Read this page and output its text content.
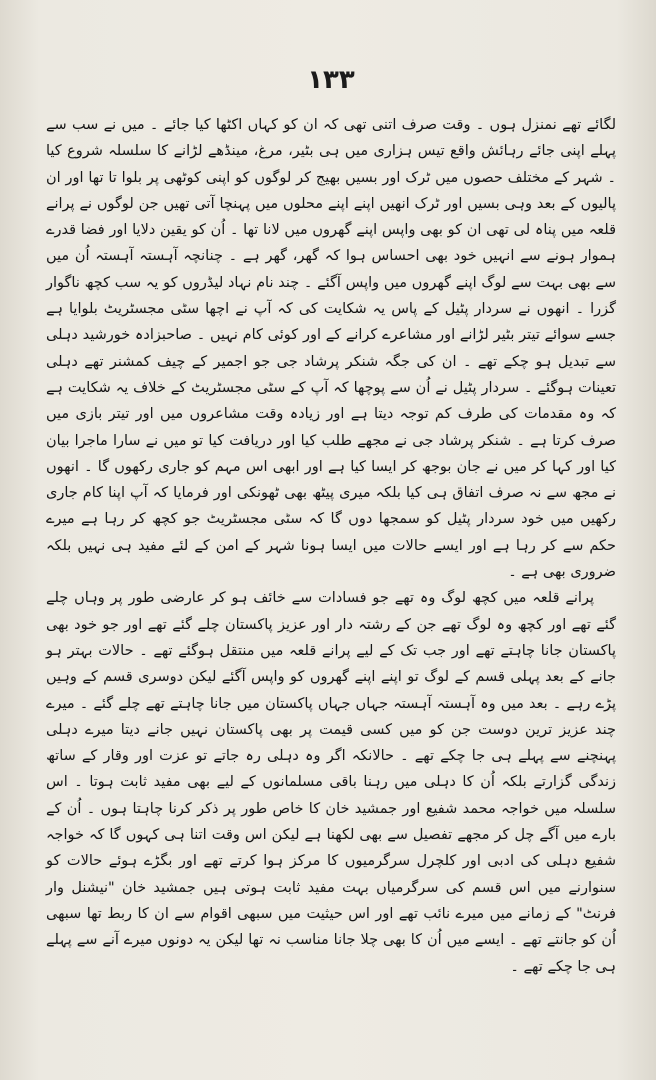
۱۳۳

لگائے تھے نمنزل ہوں ۔ وقت صرف اتنی تھی کہ ان کو کہاں اکٹھا کیا جائے ۔ میں نے سب سے پہلے اپنی جائے رہائش واقع تیس ہزاری میں ہی بٹیر، مرغ، مینڈھے لڑانے کا سلسلہ شروع کیا ۔ شہر کے مختلف حصوں میں ٹرک اور بسیں بھیج کر لوگوں کو اپنی کوٹھی پر بلوا تا تھا اور ان پالیوں کے بعد وہی بسیں اور ٹرک انھیں اپنے اپنے محلوں میں پہنچا آتی تھیں جن لوگوں نے پرانے قلعہ میں پناہ لی تھی ان کو بھی واپس اپنے گھروں میں لانا تھا ۔ اُن کو یقین دلایا اور فضا قدرے ہموار ہونے سے انہیں خود بھی احساس ہوا کہ گھر، گھر ہے ۔ چنانچہ آہستہ آہستہ اُن میں سے بھی بہت سے لوگ اپنے گھروں میں واپس آگئے ۔ چند نام نہاد لیڈروں کو یہ سب کچھ ناگوار گزرا ۔ انھوں نے سردار پٹیل کے پاس یہ شکایت کی کہ آپ نے اچھا سٹی مجسٹریٹ بلوایا ہے جسے سوائے تیتر بٹیر لڑانے اور مشاعرے کرانے کے اور کوئی کام نہیں ۔ صاحبزادہ خورشید دہلی سے تبدیل ہو چکے تھے ۔ ان کی جگہ شنکر پرشاد جی جو اجمیر کے چیف کمشنر تھے دہلی تعینات ہوگئے ۔ سردار پٹیل نے اُن سے پوچھا کہ آپ کے سٹی مجسٹریٹ کے خلاف یہ شکایت ہے کہ وہ مقدمات کی طرف کم توجہ دیتا ہے اور زیادہ وقت مشاعروں میں اور تیتر بازی میں صرف کرتا ہے ۔ شنکر پرشاد جی نے مجھے طلب کیا اور دریافت کیا تو میں نے سارا ماجرا بیان کیا اور کہا کر میں نے جان بوجھ کر ایسا کیا ہے اور ابھی اس مہم کو جاری رکھوں گا ۔ انھوں نے مجھ سے نہ صرف اتفاق ہی کیا بلکہ میری پیٹھ بھی ٹھونکی اور فرمایا کہ آپ اپنا کام جاری رکھیں میں خود سردار پٹیل کو سمجھا دوں گا کہ سٹی مجسٹریٹ جو کچھ کر رہا ہے میرے حکم سے کر رہا ہے اور ایسے حالات میں ایسا ہونا شہر کے امن کے لئے مفید ہی نہیں بلکہ ضروری بھی ہے ۔

پرانے قلعہ میں کچھ لوگ وہ تھے جو فسادات سے خائف ہو کر عارضی طور پر وہاں چلے گئے تھے اور کچھ وہ لوگ تھے جن کے رشتہ دار اور عزیز پاکستان چلے گئے تھے اور جو خود بھی پاکستان جانا چاہتے تھے اور جب تک کے لیے پرانے قلعہ میں منتقل ہوگئے تھے ۔ حالات بہتر ہو جانے کے بعد پہلی قسم کے لوگ تو اپنے اپنے گھروں کو واپس آگئے لیکن دوسری قسم کے وہیں پڑے رہے ۔ بعد میں وہ آہستہ آہستہ جہاں جہاں پاکستان میں جانا چاہتے تھے چلے گئے ۔ میرے چند عزیز ترین دوست جن کو میں کسی قیمت پر بھی پاکستان نہیں جانے دیتا میرے دہلی پہنچنے سے پہلے ہی جا چکے تھے ۔ حالانکہ اگر وہ دہلی رہ جاتے تو عزت اور وقار کے ساتھ زندگی گزارتے بلکہ اُن کا دہلی میں رہنا باقی مسلمانوں کے لیے بھی مفید ثابت ہوتا ۔ اس سلسلہ میں خواجہ محمد شفیع اور جمشید خان کا خاص طور پر ذکر کرنا چاہتا ہوں ۔ اُن کے بارے میں آگے چل کر مجھے تفصیل سے بھی لکھنا ہے لیکن اس وقت اتنا ہی کہوں گا کہ خواجہ شفیع دہلی کی ادبی اور کلچرل سرگرمیوں کا مرکز ہوا کرتے تھے اور بگڑے ہوئے حالات کو سنوارنے میں اس قسم کی سرگرمیاں بہت مفید ثابت ہوتی ہیں جمشید خان "نیشنل وار فرنٹ" کے زمانے میں میرے نائب تھے اور اس حیثیت میں سبھی اقوام سے ان کا ربط تھا سبھی اُن کو جانتے تھے ۔ ایسے میں اُن کا بھی چلا جانا مناسب نہ تھا لیکن یہ دونوں میرے آنے سے پہلے ہی جا چکے تھے ۔
